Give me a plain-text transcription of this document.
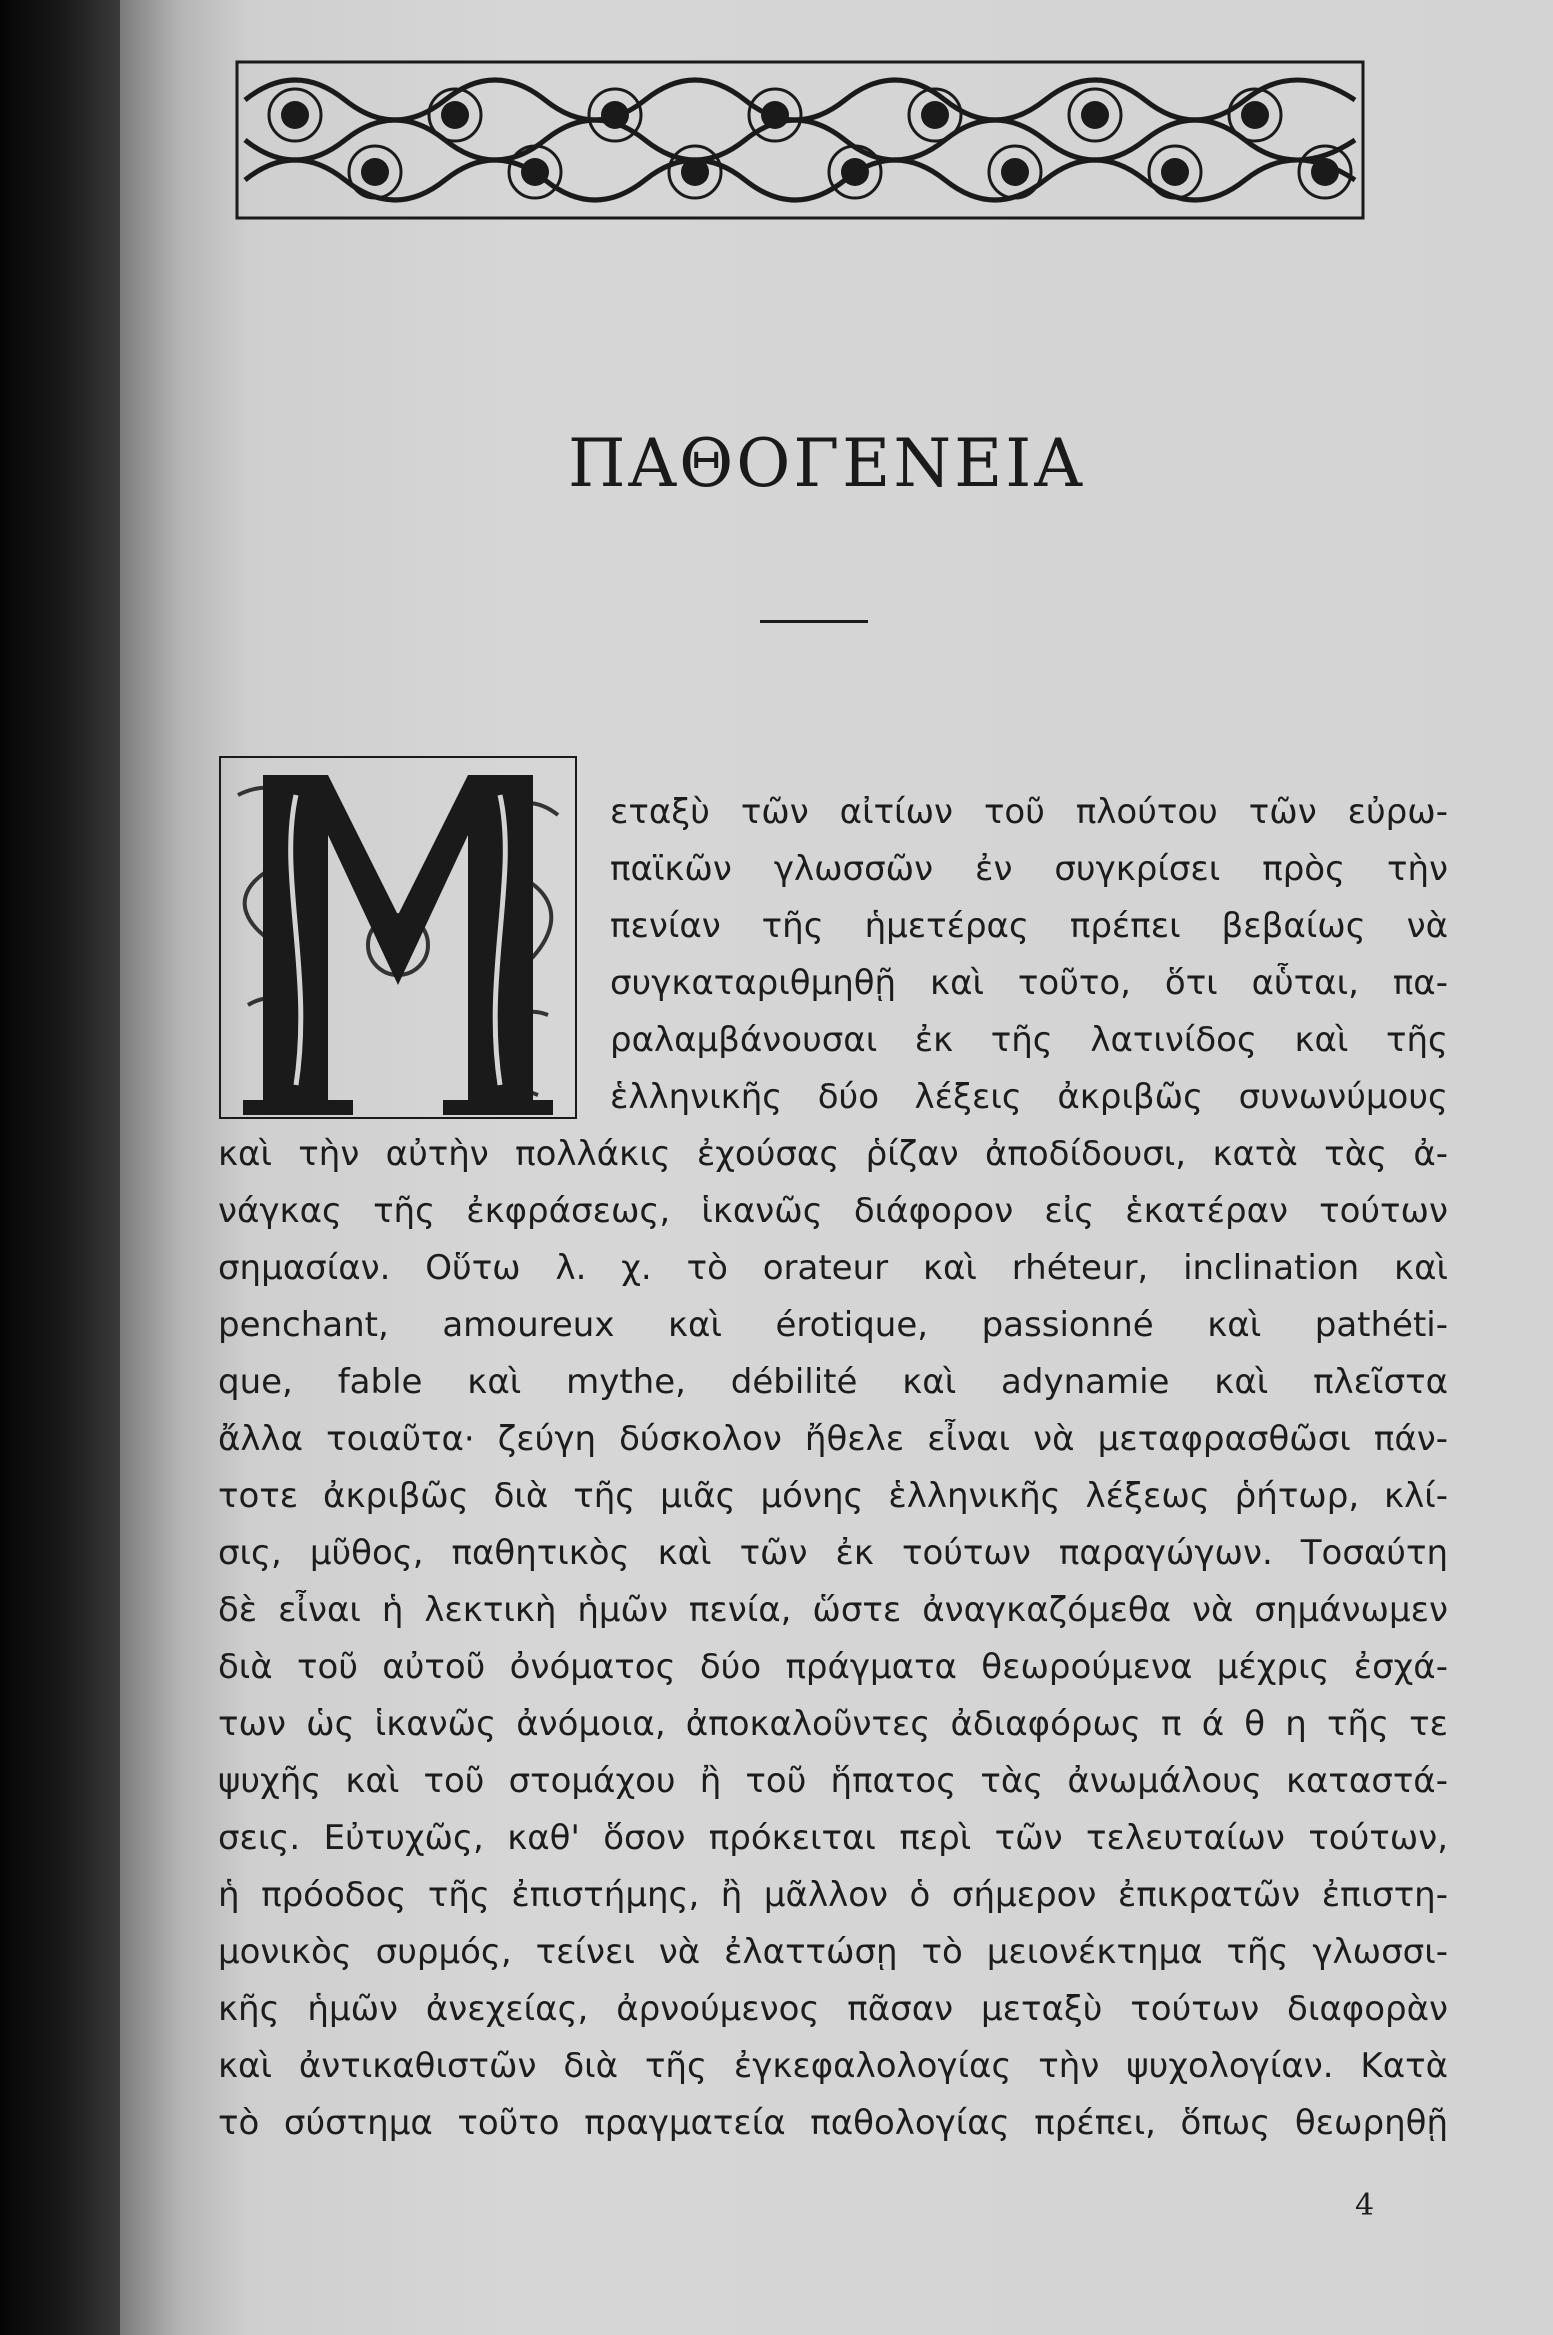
ΠΑΘΟΓΕΝΕΙΑ
εταξὺ τῶν αἰτίων τοῦ πλούτου τῶν εὐρω-
παϊκῶν γλωσσῶν ἐν συγκρίσει πρὸς τὴν
πενίαν τῆς ἡμετέρας πρέπει βεβαίως νὰ
συγκαταριθμηθῇ καὶ τοῦτο, ὅτι αὗται, πα-
ραλαμβάνουσαι ἐκ τῆς λατινίδος καὶ τῆς
ἑλληνικῆς δύο λέξεις ἀκριβῶς συνωνύμους
καὶ τὴν αὐτὴν πολλάκις ἐχούσας ῥίζαν ἀποδίδουσι, κατὰ τὰς ἀ-
νάγκας τῆς ἐκφράσεως, ἱκανῶς διάφορον εἰς ἑκατέραν τούτων
σημασίαν. Οὕτω λ. χ. τὸ orateur καὶ rhéteur, inclination καὶ
penchant, amoureux καὶ érotique, passionné καὶ pathéti-
que, fable καὶ mythe, débilité καὶ adynamie καὶ πλεῖστα
ἄλλα τοιαῦτα· ζεύγη δύσκολον ἤθελε εἶναι νὰ μεταφρασθῶσι πάν-
τοτε ἀκριβῶς διὰ τῆς μιᾶς μόνης ἑλληνικῆς λέξεως ῥήτωρ, κλί-
σις, μῦθος, παθητικὸς καὶ τῶν ἐκ τούτων παραγώγων. Τοσαύτη
δὲ εἶναι ἡ λεκτικὴ ἡμῶν πενία, ὥστε ἀναγκαζόμεθα νὰ σημάνωμεν
διὰ τοῦ αὐτοῦ ὀνόματος δύο πράγματα θεωρούμενα μέχρις ἐσχά-
των ὡς ἱκανῶς ἀνόμοια, ἀποκαλοῦντες ἀδιαφόρως π ά θ η τῆς τε
ψυχῆς καὶ τοῦ στομάχου ἢ τοῦ ἥπατος τὰς ἀνωμάλους καταστά-
σεις. Εὐτυχῶς, καθ' ὅσον πρόκειται περὶ τῶν τελευταίων τούτων,
ἡ πρόοδος τῆς ἐπιστήμης, ἢ μᾶλλον ὁ σήμερον ἐπικρατῶν ἐπιστη-
μονικὸς συρμός, τείνει νὰ ἐλαττώσῃ τὸ μειονέκτημα τῆς γλωσσι-
κῆς ἡμῶν ἀνεχείας, ἀρνούμενος πᾶσαν μεταξὺ τούτων διαφορὰν
καὶ ἀντικαθιστῶν διὰ τῆς ἐγκεφαλολογίας τὴν ψυχολογίαν. Κατὰ
τὸ σύστημα τοῦτο πραγματεία παθολογίας πρέπει, ὅπως θεωρηθῇ
4
